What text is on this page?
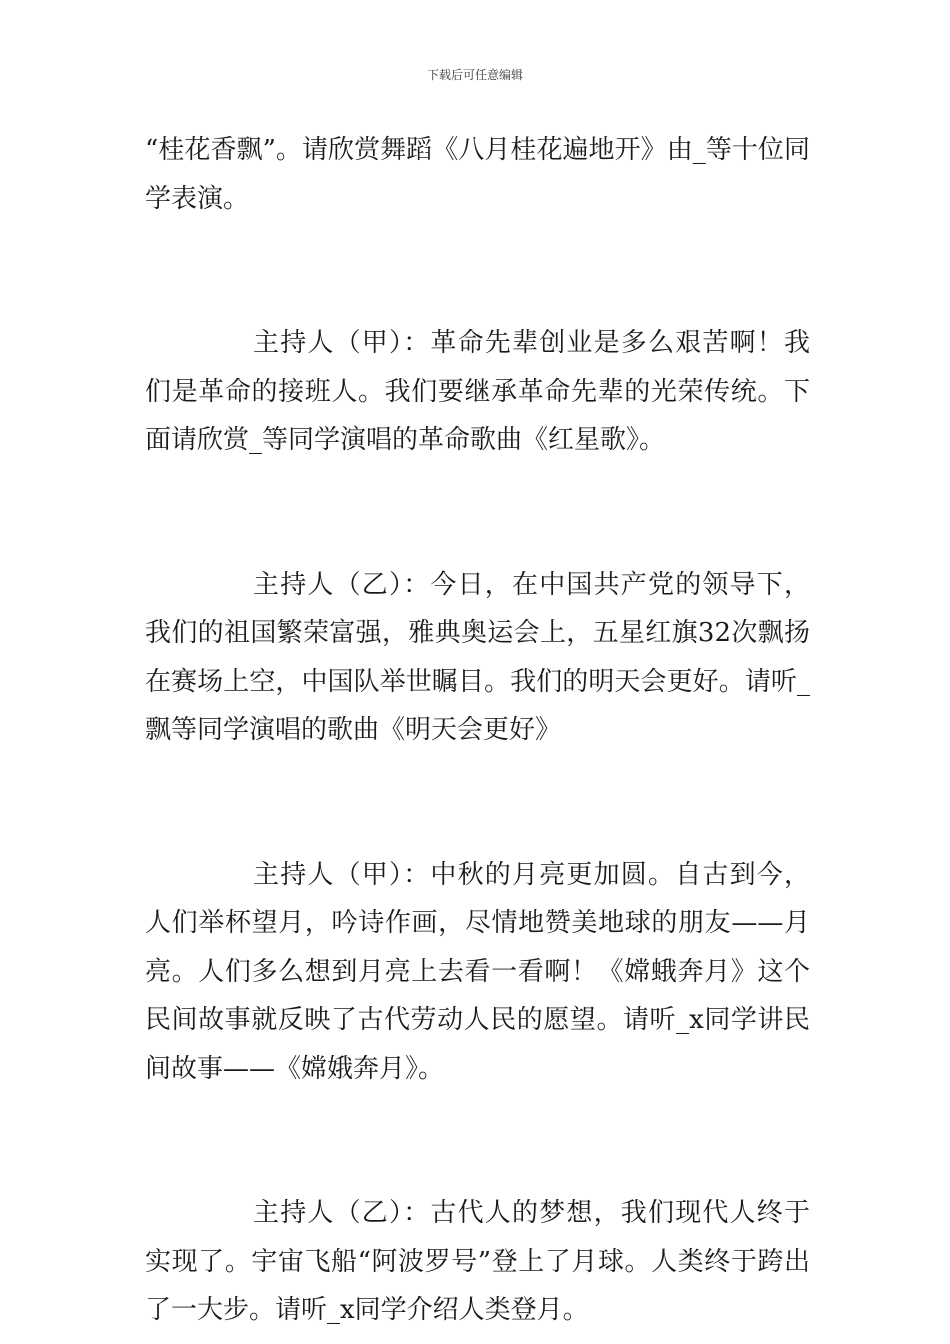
下载后可任意编辑

“桂花香飘”。请欣赏舞蹈《八月桂花遍地开》由_等十位同学表演。

主持人（甲）：革命先辈创业是多么艰苦啊！我们是革命的接班人。我们要继承革命先辈的光荣传统。下面请欣赏_等同学演唱的革命歌曲《红星歌》。

主持人（乙）：今日，在中国共产党的领导下，我们的祖国繁荣富强，雅典奥运会上，五星红旗32次飘扬在赛场上空，中国队举世瞩目。我们的明天会更好。请听_飘等同学演唱的歌曲《明天会更好》

主持人（甲）：中秋的月亮更加圆。自古到今，人们举杯望月，吟诗作画，尽情地赞美地球的朋友——月亮。人们多么想到月亮上去看一看啊！《嫦蛾奔月》这个民间故事就反映了古代劳动人民的愿望。请听_x同学讲民间故事——《嫦娥奔月》。

主持人（乙）：古代人的梦想，我们现代人终于实现了。宇宙飞船“阿波罗号”登上了月球。人类终于跨出了一大步。请听_x同学介绍人类登月。
